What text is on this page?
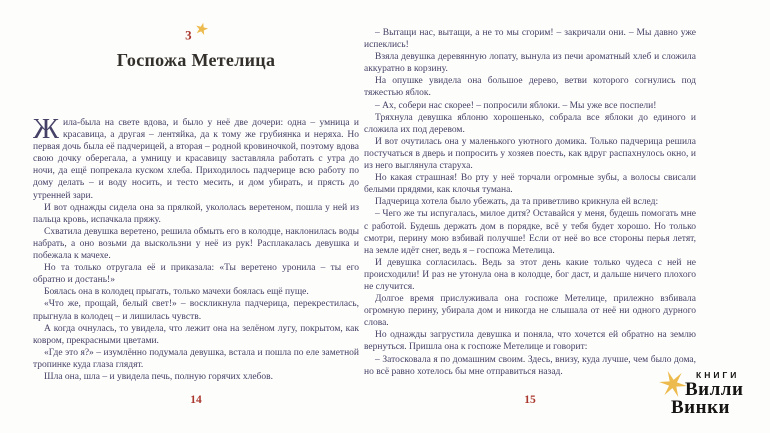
3★
Госпожа Метелица

Жила-была на свете вдова, и было у неё две дочери: одна – умница и красавица, а другая – лентяйка, да к тому же грубиянка и неряха. Но первая дочь была её падчерицей, а вторая – родной кровиночкой, поэтому вдова свою дочку оберегала, а умницу и красавицу заставляла работать с утра до ночи, да ещё попрекала куском хлеба. Приходилось падчерице всю работу по дому делать – и воду носить, и тесто месить, и дом убирать, и прясть до утренней зари.

И вот однажды сидела она за прялкой, укололась веретеном, пошла у ней из пальца кровь, испачкала пряжу.

Схватила девушка веретено, решила обмыть его в колодце, наклонилась воды набрать, а оно возьми да выскользни у неё из рук! Расплакалась девушка и побежала к мачехе.

Но та только отругала её и приказала: «Ты веретено уронила – ты его обратно и достань!»

Боялась она в колодец прыгать, только мачехи боялась ещё пуще.

«Что же, прощай, белый свет!» – воскликнула падчерица, перекрестилась, прыгнула в колодец – и лишилась чувств.

А когда очнулась, то увидела, что лежит она на зелёном лугу, покрытом, как ковром, прекрасными цветами.

«Где это я?» – изумлённо подумала девушка, встала и пошла по еле заметной тропинке куда глаза глядят.

Шла она, шла – и увидела печь, полную горячих хлебов.

– Вытащи нас, вытащи, а не то мы сгорим! – закричали они. – Мы давно уже испеклись!

Взяла девушка деревянную лопату, вынула из печи ароматный хлеб и сложила аккуратно в корзину.

На опушке увидела она большое дерево, ветви которого согнулись под тяжестью яблок.

– Ах, собери нас скорее! – попросили яблоки. – Мы уже все поспели!

Тряхнула девушка яблоню хорошенько, собрала все яблоки до единого и сложила их под деревом.

И вот очутилась она у маленького уютного домика. Только падчерица решила постучаться в дверь и попросить у хозяев поесть, как вдруг распахнулось окно, и из него выглянула старуха.

Но какая страшная! Во рту у неё торчали огромные зубы, а волосы свисали белыми прядями, как клочья тумана.

Падчерица хотела было убежать, да та приветливо крикнула ей вслед:

– Чего же ты испугалась, милое дитя? Оставайся у меня, будешь помогать мне с работой. Будешь держать дом в порядке, всё у тебя будет хорошо. Но только смотри, перину мою взбивай получше! Если от неё во все стороны перья летят, на земле идёт снег, ведь я – госпожа Метелица.

И девушка согласилась. Ведь за этот день какие только чудеса с ней не происходили! И раз не утонула она в колодце, бог даст, и дальше ничего плохого не случится.

Долгое время прислуживала она госпоже Метелице, прилежно взбивала огромную перину, убирала дом и никогда не слышала от неё ни одного дурного слова.

Но однажды загрустила девушка и поняла, что хочется ей обратно на землю вернуться. Пришла она к госпоже Метелице и говорит:

– Затосковала я по домашним своим. Здесь, внизу, куда лучше, чем было дома, но всё равно хотелось бы мне отправиться назад.

14	15
КНИГИ
Вилли
Винки
